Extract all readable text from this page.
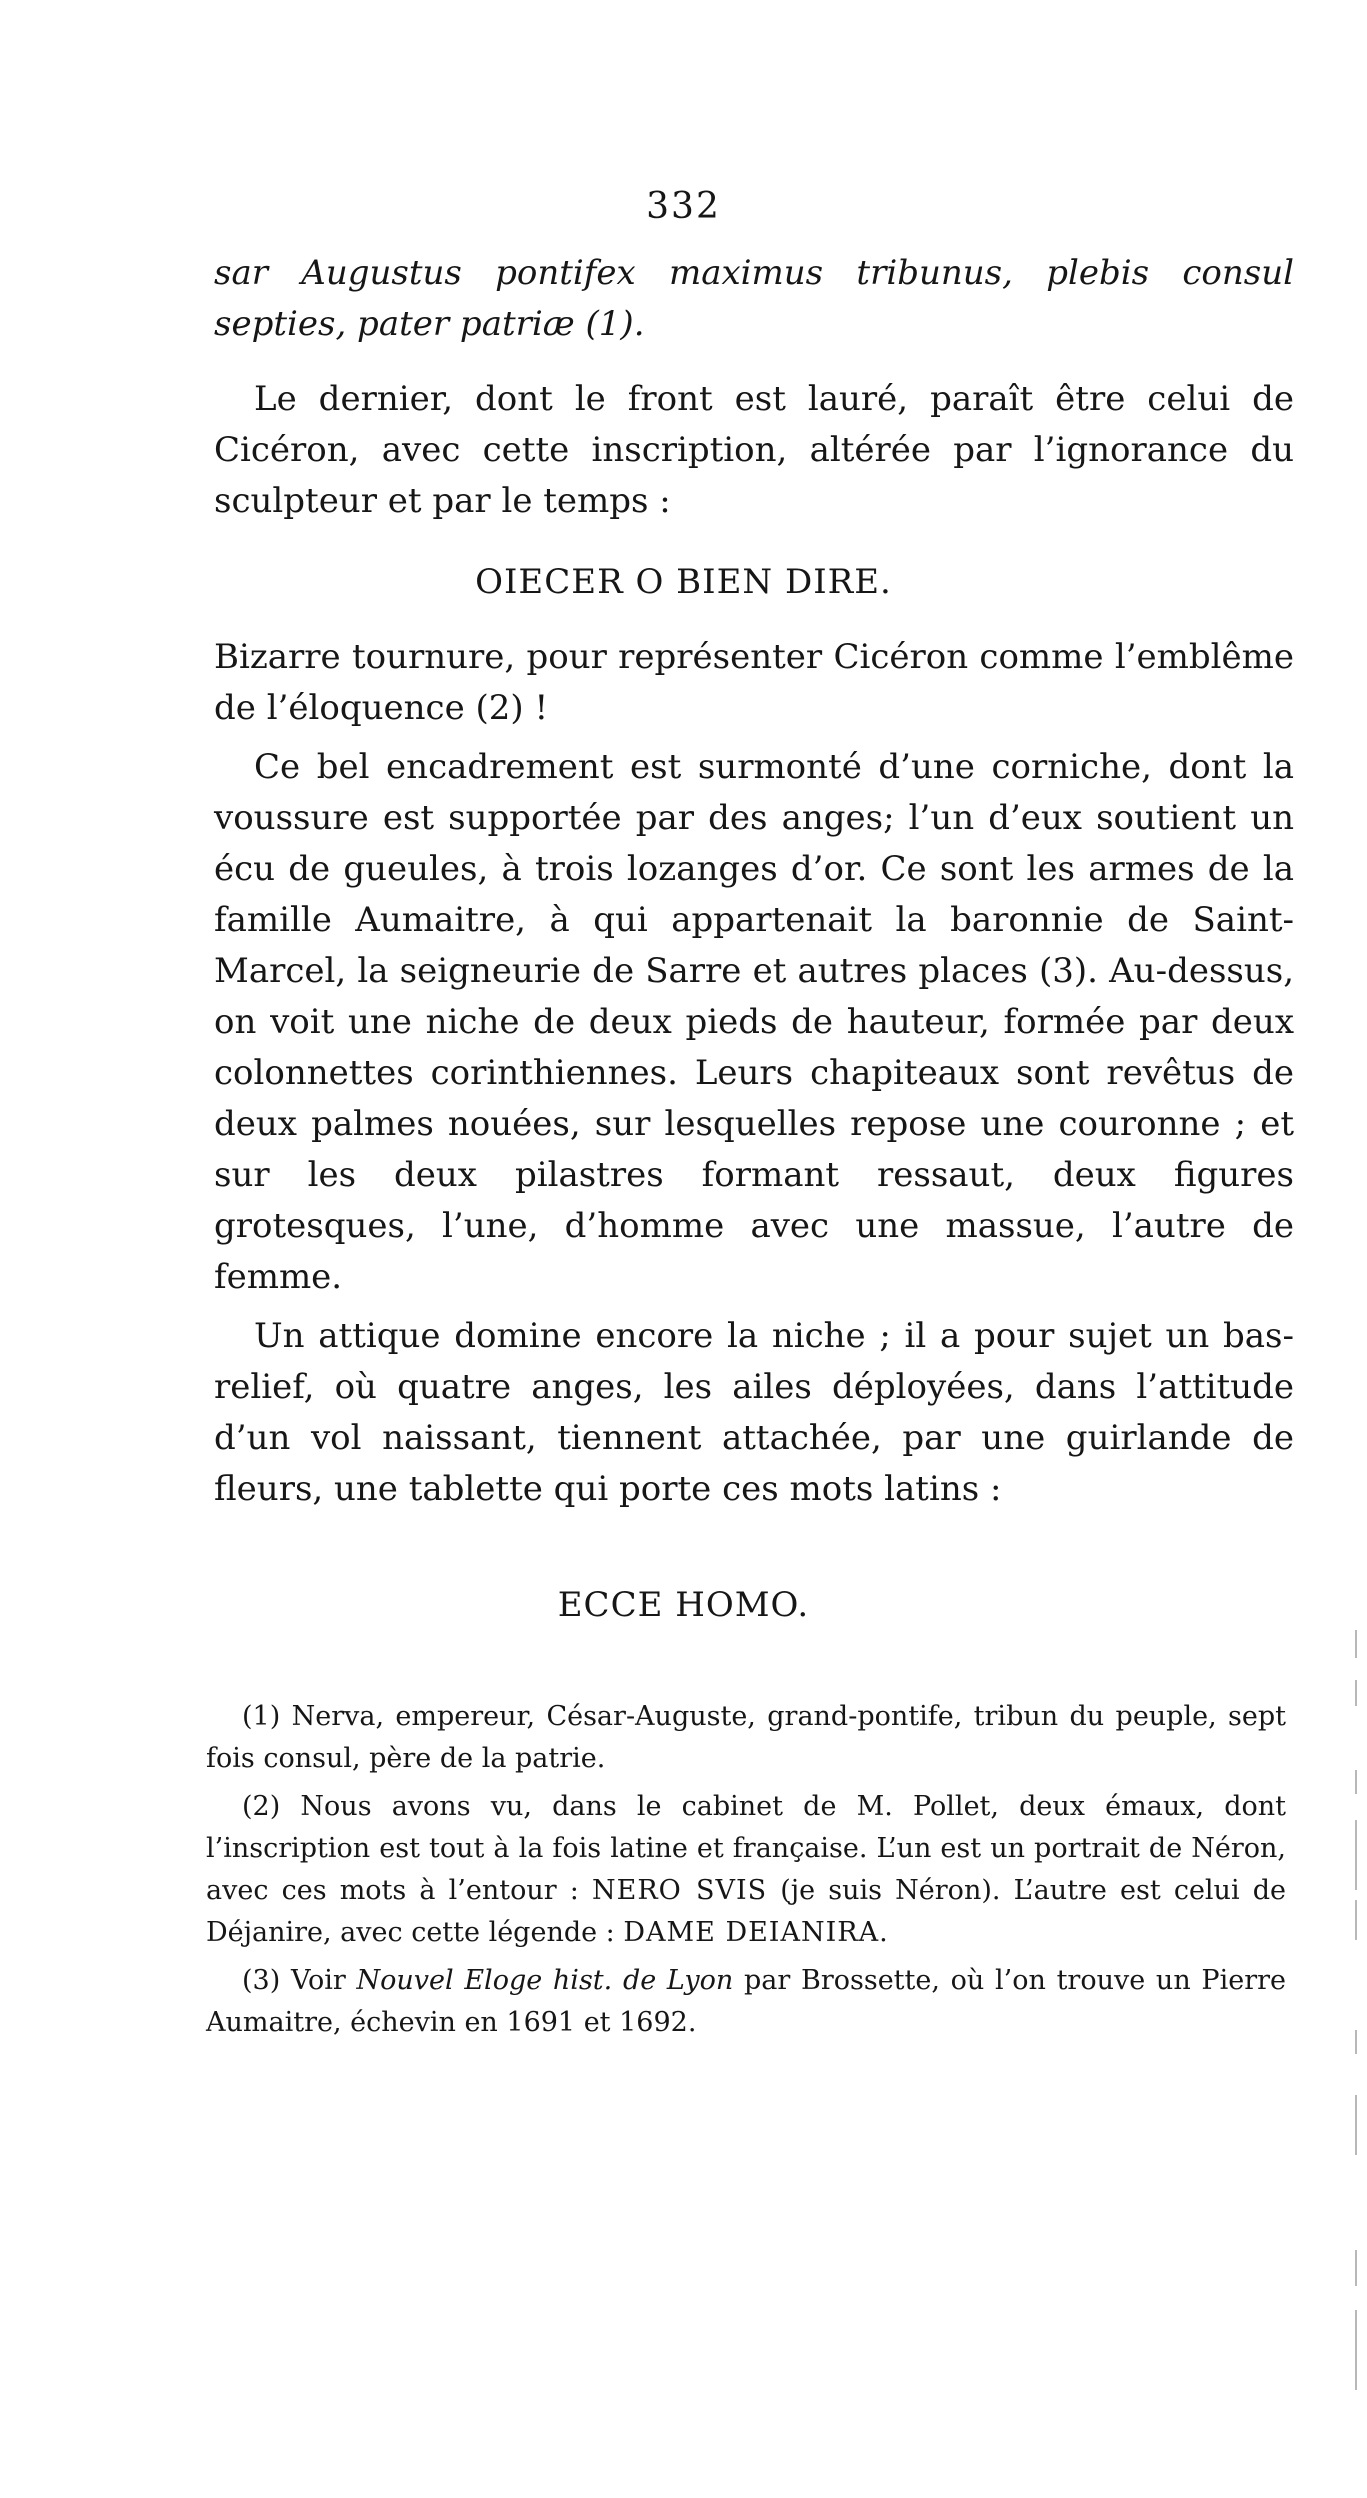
332

sar Augustus pontifex maximus tribunus, plebis consul septies, pater patriæ (1).

Le dernier, dont le front est lauré, paraît être celui de Cicéron, avec cette inscription, altérée par l’ignorance du sculpteur et par le temps :

OIECER O BIEN DIRE.

Bizarre tournure, pour représenter Cicéron comme l’emblême de l’éloquence (2) !

Ce bel encadrement est surmonté d’une corniche, dont la voussure est supportée par des anges; l’un d’eux soutient un écu de gueules, à trois lozanges d’or. Ce sont les armes de la famille Aumaitre, à qui appartenait la baronnie de Saint-Marcel, la seigneurie de Sarre et autres places (3). Au-dessus, on voit une niche de deux pieds de hauteur, formée par deux colonnettes corinthiennes. Leurs chapiteaux sont revêtus de deux palmes nouées, sur lesquelles repose une couronne ; et sur les deux pilastres formant ressaut, deux figures grotesques, l’une, d’homme avec une massue, l’autre de femme.

Un attique domine encore la niche ; il a pour sujet un bas-relief, où quatre anges, les ailes déployées, dans l’attitude d’un vol naissant, tiennent attachée, par une guirlande de fleurs, une tablette qui porte ces mots latins :

ECCE HOMO.

(1) Nerva, empereur, César-Auguste, grand-pontife, tribun du peuple, sept fois consul, père de la patrie.

(2) Nous avons vu, dans le cabinet de M. Pollet, deux émaux, dont l’inscription est tout à la fois latine et française. L’un est un portrait de Néron, avec ces mots à l’entour : NERO SVIS (je suis Néron). L’autre est celui de Déjanire, avec cette légende : DAME DEIANIRA.

(3) Voir Nouvel Eloge hist. de Lyon par Brossette, où l’on trouve un Pierre Aumaitre, échevin en 1691 et 1692.
